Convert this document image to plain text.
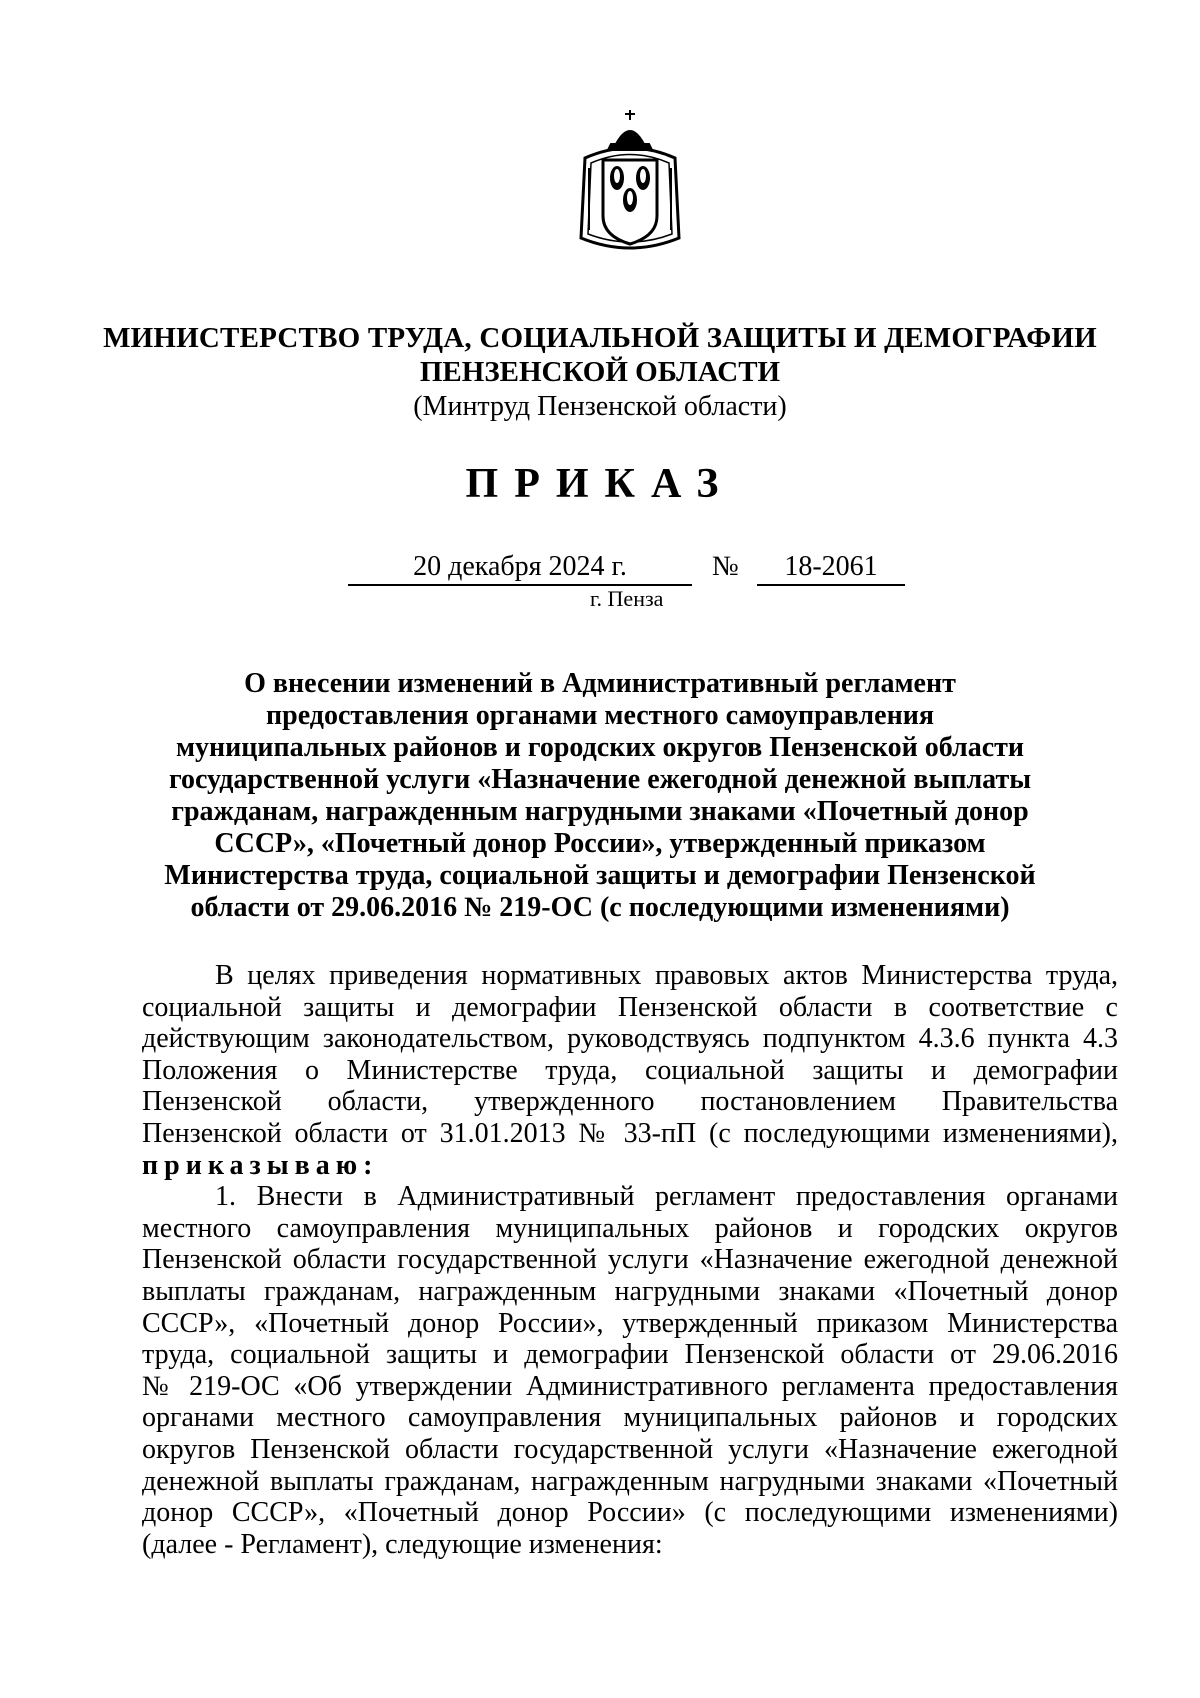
МИНИСТЕРСТВО ТРУДА, СОЦИАЛЬНОЙ ЗАЩИТЫ И ДЕМОГРАФИИ
ПЕНЗЕНСКОЙ ОБЛАСТИ
(Минтруд Пензенской области)
ПРИКАЗ
20 декабря 2024 г.	№	18-2061
г. Пенза
О внесении изменений в Административный регламент
предоставления органами местного самоуправления
муниципальных районов и городских округов Пензенской области
государственной услуги «Назначение ежегодной денежной выплаты
гражданам, награжденным нагрудными знаками «Почетный донор
СССР», «Почетный донор России», утвержденный приказом
Министерства труда, социальной защиты и демографии Пензенской
области от 29.06.2016 № 219-ОС (с последующими изменениями)
В целях приведения нормативных правовых актов Министерства труда,
социальной защиты и демографии Пензенской области в соответствие с
действующим законодательством, руководствуясь подпунктом 4.3.6 пункта 4.3
Положения о Министерстве труда, социальной защиты и демографии
Пензенской области, утвержденного постановлением Правительства
Пензенской области от 31.01.2013 № 33-пП (с последующими изменениями),
приказываю:
1. Внести в Административный регламент предоставления органами
местного самоуправления муниципальных районов и городских округов
Пензенской области государственной услуги «Назначение ежегодной денежной
выплаты гражданам, награжденным нагрудными знаками «Почетный донор
СССР», «Почетный донор России», утвержденный приказом Министерства
труда, социальной защиты и демографии Пензенской области от 29.06.2016
№ 219-ОС «Об утверждении Административного регламента предоставления
органами местного самоуправления муниципальных районов и городских
округов Пензенской области государственной услуги «Назначение ежегодной
денежной выплаты гражданам, награжденным нагрудными знаками «Почетный
донор СССР», «Почетный донор России» (с последующими изменениями)
(далее - Регламент), следующие изменения:
